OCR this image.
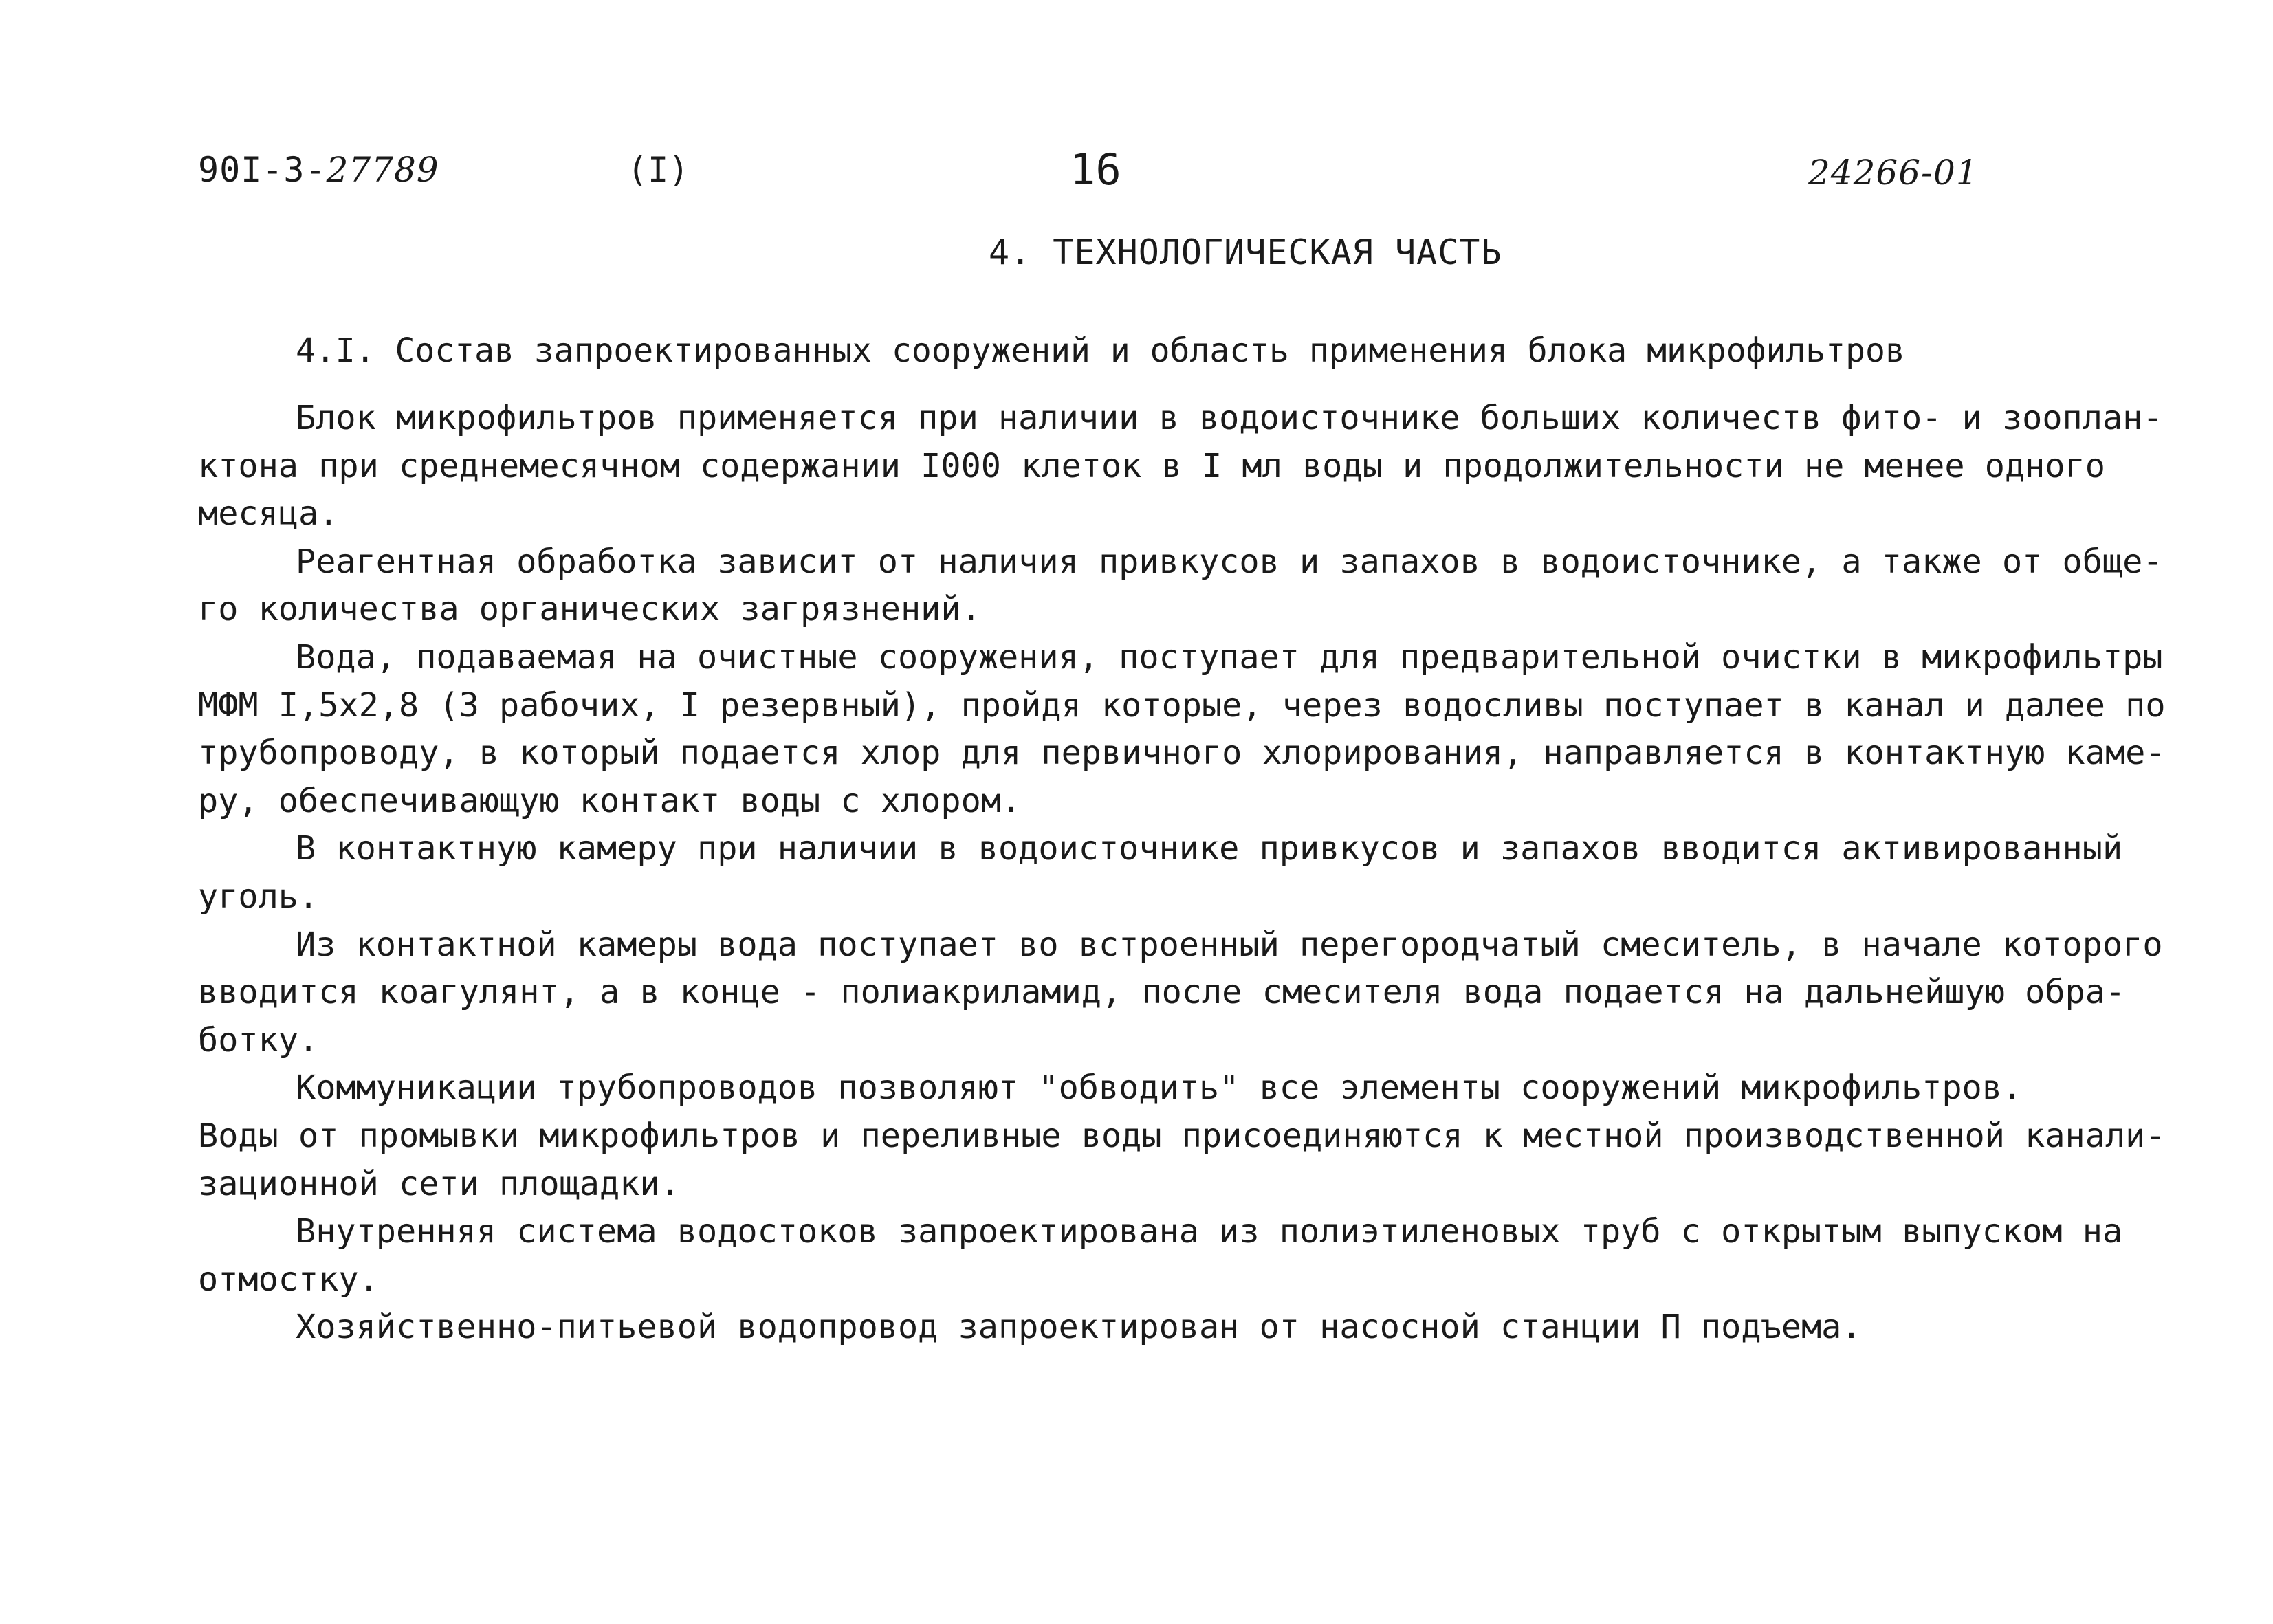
90I-3-27789	(I)	16	24266-01
4. ТЕХНОЛОГИЧЕСКАЯ ЧАСТЬ
4.I. Состав запроектированных сооружений и область применения блока микрофильтров
Блок микрофильтров применяется при наличии в водоисточнике больших количеств фито- и зоoплан-
ктона при среднемесячном содержании I000 клеток в I мл воды и продолжительности не менее одного
месяца.
Реагентная обработка зависит от наличия привкусов и запахов в водоисточнике, а также от обще-
го количества органических загрязнений.
Вода, подаваемая на очистные сооружения, поступает для предварительной очистки в микрофильтры
МФМ I,5х2,8 (3 рабочих, I резервный), пройдя которые, через водосливы поступает в канал и далее по
трубопроводу, в который подается хлор для первичного хлорирования, направляется в контактную каме-
ру, обеспечивающую контакт воды с хлором.
В контактную камеру при наличии в водоисточнике привкусов и запахов вводится активированный
уголь.
Из контактной камеры вода поступает во встроенный перегородчатый смеситель, в начале которого
вводится коагулянт, а в конце - полиакриламид, после смесителя вода подается на дальнейшую обра-
ботку.
Коммуникации трубопроводов позволяют "обводить" все элементы сооружений микрофильтров.
Воды от промывки микрофильтров и переливные воды присоединяются к местной производственной канали-
зационной сети площадки.
Внутренняя система водостоков запроектирована из полиэтиленовых труб с открытым выпуском на
отмостку.
Хозяйственно-питьевой водопровод запроектирован от насосной станции П подъема.
